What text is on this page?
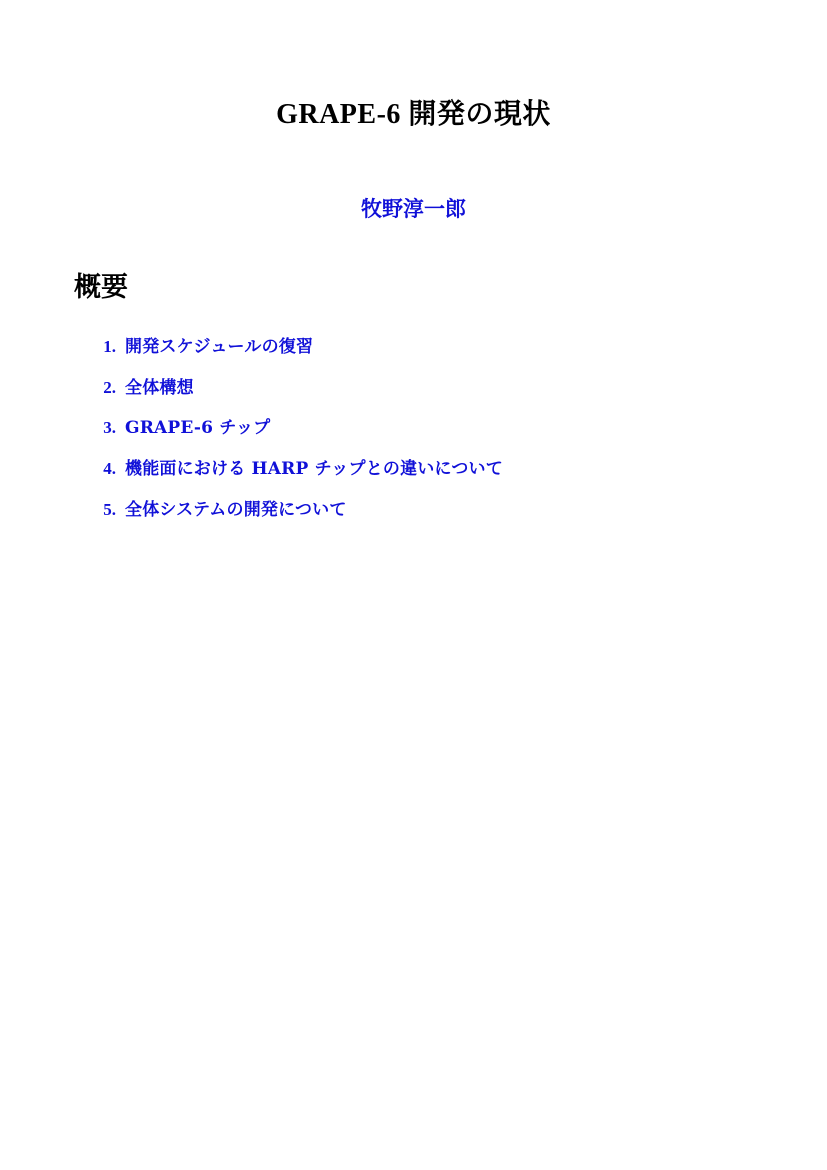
GRAPE-6 開発の現状
牧野淳一郎
概要
1. 開発スケジュールの復習
2. 全体構想
3. GRAPE-6 チップ
4. 機能面における HARP チップとの違いについて
5. 全体システムの開発について
